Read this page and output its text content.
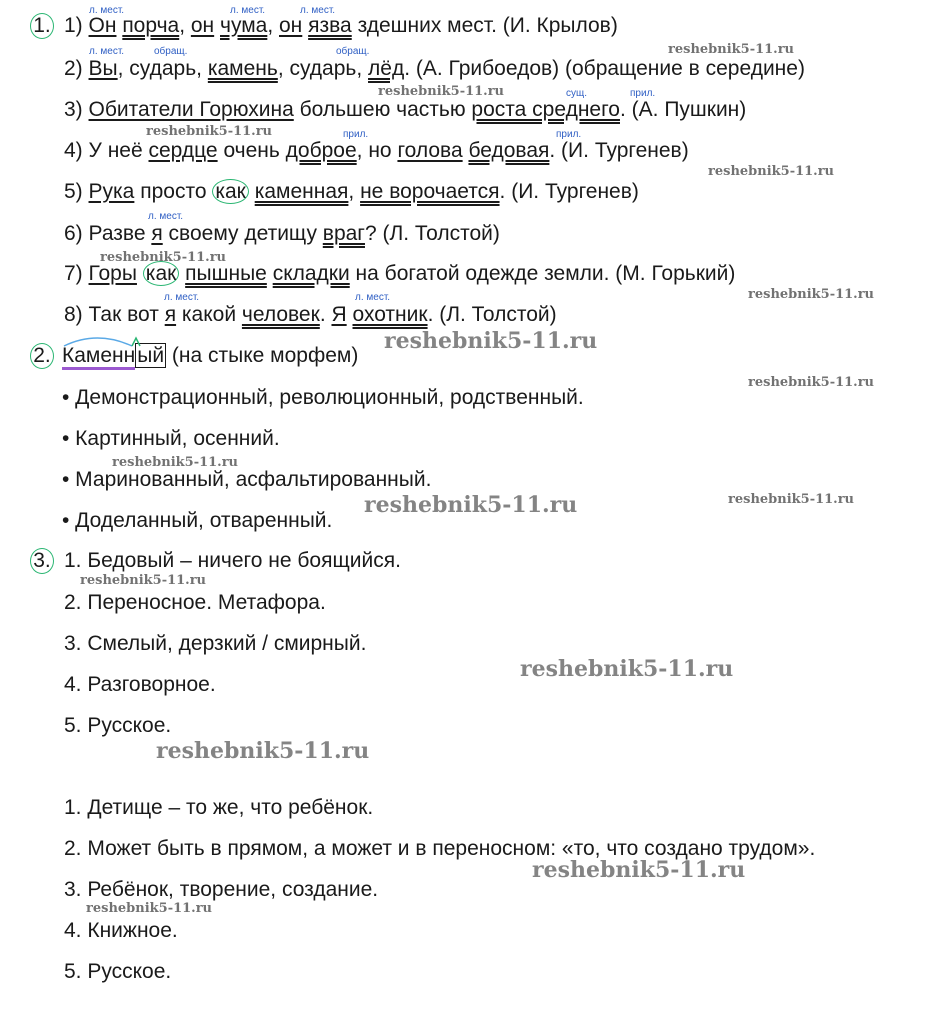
1.
2.
3.
1) Он порча, он чума, он язва здешних мест. (И. Крылов)
2) Вы, сударь, камень, сударь, лёд. (А. Грибоедов) (обращение в середине)
3) Обитатели Горюхина большею частью роста среднего. (А. Пушкин)
4) У неё сердце очень доброе, но голова бедовая. (И. Тургенев)
5) Рука просто как каменная, не ворочается. (И. Тургенев)
6) Разве я своему детищу враг? (Л. Толстой)
7) Горы как пышные складки на богатой одежде земли. (М. Горький)
8) Так вот я какой человек. Я охотник. (Л. Толстой)
л. мест.	л. мест.	л. мест.
л. мест.	обращ.	обращ.
сущ.	прил.
прил.	прил.
л. мест.
л. мест.	л. мест.
Каменный (на стыке морфем)
• Демонстрационный, революционный, родственный.
• Картинный, осенний.
• Маринованный, асфальтированный.
• Доделанный, отваренный.
1. Бедовый – ничего не боящийся.
2. Переносное. Метафора.
3. Смелый, дерзкий / смирный.
4. Разговорное.
5. Русское.
1. Детище – то же, что ребёнок.
2. Может быть в прямом, а может и в переносном: «то, что создано трудом».
3. Ребёнок, творение, создание.
4. Книжное.
5. Русское.
reshebnik5-11.ru
reshebnik5-11.ru
reshebnik5-11.ru
reshebnik5-11.ru
reshebnik5-11.ru
reshebnik5-11.ru
reshebnik5-11.ru
reshebnik5-11.ru
reshebnik5-11.ru
reshebnik5-11.ru	reshebnik5-11.ru
reshebnik5-11.ru
reshebnik5-11.ru
reshebnik5-11.ru
reshebnik5-11.ru
reshebnik5-11.ru
